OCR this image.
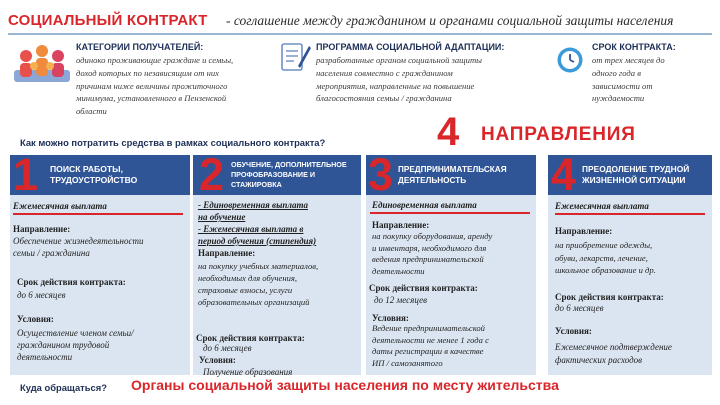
СОЦИАЛЬНЫЙ КОНТРАКТ - соглашение между гражданином и органами социальной защиты населения
КАТЕГОРИИ ПОЛУЧАТЕЛЕЙ:
одиноко проживающие граждане и семьы,
доход которых по независящим от них
причинам ниже величины прожиточного
минимума, установленного в Пензенской
области
ПРОГРАММА СОЦИАЛЬНОЙ АДАПТАЦИИ:
разработанные органом социальной защиты
населения совместно с гражданином
мероприятия, направленные на повышение
благосостояния семьы / гражданина
СРОК КОНТРАКТА:
от трех месяцев до
одного года в
зависимости от
нуждаемости
Как можно потратить средства в рамках социального контракта?	4 НАПРАВЛЕНИЯ
1 ПОИСК РАБОТЫ,
ТРУДОУСТРОЙСТВО
Ежемесячная выплата
Направление:
Обеспечение жизнедеятельности
семьи / гражданина
Срок действия контракта:
до 6 месяцев
Условия:
Осуществление членом семьи/
гражданином трудовой
деятельности
2 ОБУЧЕНИЕ, ДОПОЛНИТЕЛЬНОЕ
ПРОФОБРАЗОВАНИЕ И
СТАЖИРОВКА
- Единовременная выплата
на обучение
- Ежемесячная выплата в
период обучения (стипендия)
Направление:
на покупку учебных материалов,
необходимых для обучения,
страховые взносы, услуги
образовательных организаций
Срок действия контракта:
до 6 месяцев
Условия:
Получение образования
3 ПРЕДПРИНИМАТЕЛЬСКАЯ
ДЕЯТЕЛЬНОСТЬ
Единовременная выплата
Направление:
на покупку оборудования, аренду
и инвентаря, необходимого для
ведения предпринимательской
деятельности
Срок действия контракта:
до 12 месяцев
Условия:
Ведение предпринимательской
деятельности не менее 1 года с
даты регистрации в качестве
ИП / самозанятого
4 ПРЕОДОЛЕНИЕ ТРУДНОЙ
ЖИЗНЕННОЙ СИТУАЦИИ
Ежемесячная выплата
Направление:
на приобретение одежды,
обуви, лекарств, лечение,
школьное образование и др.
Срок действия контракта:
до 6 месяцев
Условия:
Ежемесячное подтверждение
фактических расходов
Куда обращаться? Органы социальной защиты населения по месту жительства
